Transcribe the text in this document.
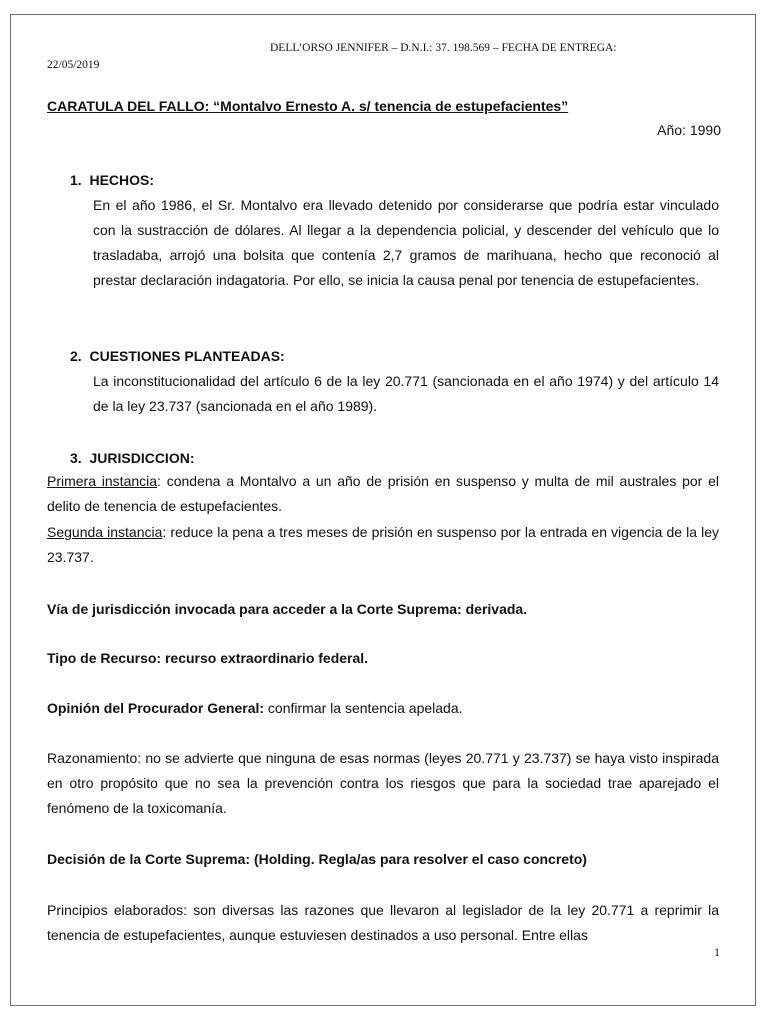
DELL’ORSO JENNIFER – D.N.I.: 37. 198.569 – FECHA DE ENTREGA:
22/05/2019
CARATULA DEL FALLO: “Montalvo Ernesto A. s/ tenencia de estupefacientes”
Año: 1990
1. HECHOS:
En el año 1986, el Sr. Montalvo era llevado detenido por considerarse que podría estar vinculado con la sustracción de dólares. Al llegar a la dependencia policial, y descender del vehículo que lo trasladaba, arrojó una bolsita que contenía 2,7 gramos de marihuana, hecho que reconoció al prestar declaración indagatoria. Por ello, se inicia la causa penal por tenencia de estupefacientes.
2. CUESTIONES PLANTEADAS:
La inconstitucionalidad del artículo 6 de la ley 20.771 (sancionada en el año 1974) y del artículo 14 de la ley 23.737 (sancionada en el año 1989).
3. JURISDICCION:
Primera instancia: condena a Montalvo a un año de prisión en suspenso y multa de mil australes por el delito de tenencia de estupefacientes.
Segunda instancia: reduce la pena a tres meses de prisión en suspenso por la entrada en vigencia de la ley 23.737.
Vía de jurisdicción invocada para acceder a la Corte Suprema: derivada.
Tipo de Recurso: recurso extraordinario federal.
Opinión del Procurador General: confirmar la sentencia apelada.
Razonamiento: no se advierte que ninguna de esas normas (leyes 20.771 y 23.737) se haya visto inspirada en otro propósito que no sea la prevención contra los riesgos que para la sociedad trae aparejado el fenómeno de la toxicomanía.
Decisión de la Corte Suprema: (Holding. Regla/as para resolver el caso concreto)
Principios elaborados: son diversas las razones que llevaron al legislador de la ley 20.771 a reprimir la tenencia de estupefacientes, aunque estuviesen destinados a uso personal. Entre ellas
1
